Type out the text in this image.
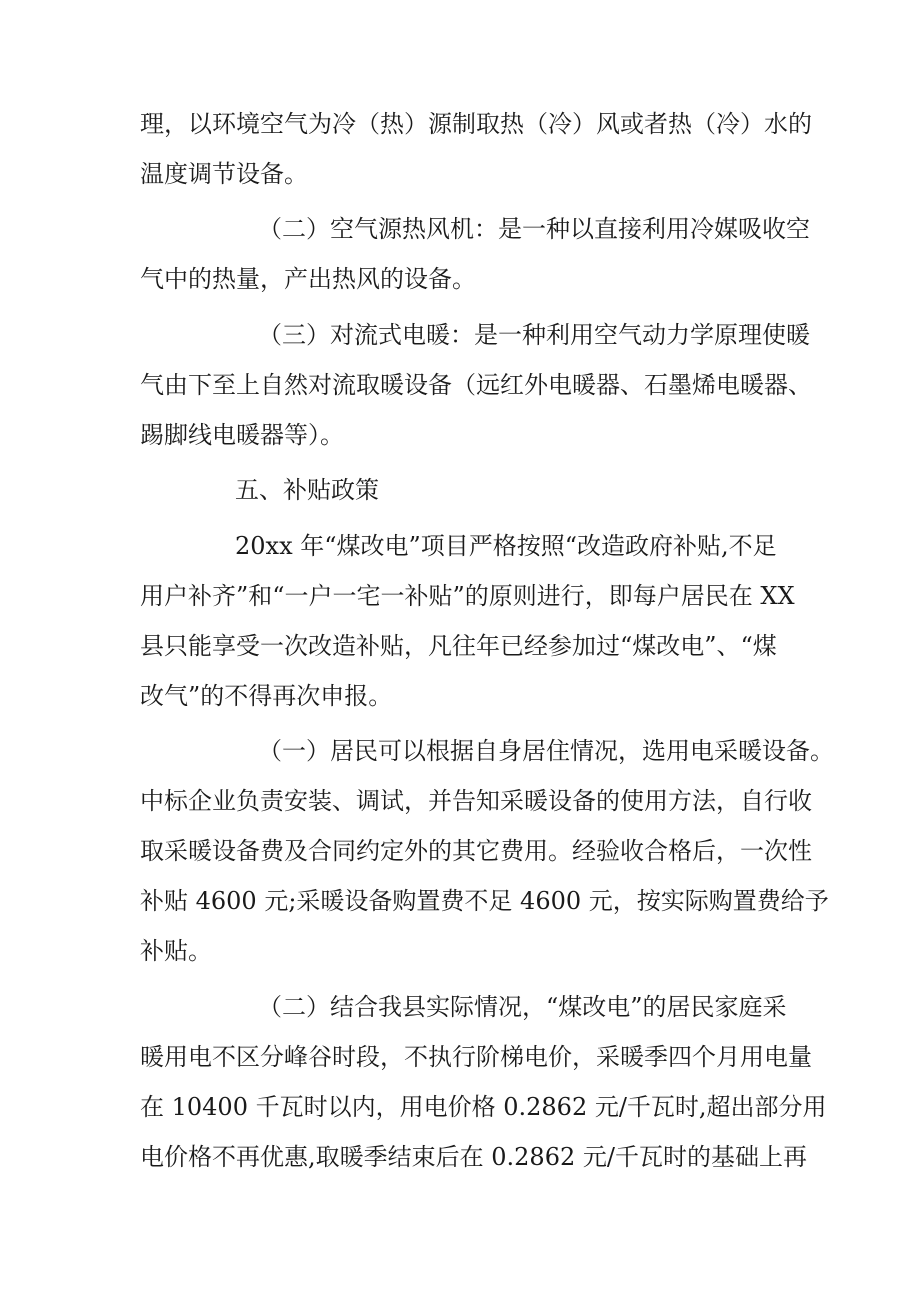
理，以环境空气为冷（热）源制取热（冷）风或者热（冷）水的
温度调节设备。
（二）空气源热风机：是一种以直接利用冷媒吸收空
气中的热量，产出热风的设备。
（三）对流式电暖：是一种利用空气动力学原理使暖
气由下至上自然对流取暖设备（远红外电暖器、石墨烯电暖器、
踢脚线电暖器等）。
五、补贴政策
20xx 年“煤改电”项目严格按照“改造政府补贴,不足
用户补齐”和“一户一宅一补贴”的原则进行，即每户居民在 XX
县只能享受一次改造补贴，凡往年已经参加过“煤改电”、“煤
改气”的不得再次申报。
（一）居民可以根据自身居住情况，选用电采暖设备。
中标企业负责安装、调试，并告知采暖设备的使用方法，自行收
取采暖设备费及合同约定外的其它费用。经验收合格后，一次性
补贴 4600 元;采暖设备购置费不足 4600 元，按实际购置费给予
补贴。
（二）结合我县实际情况，“煤改电”的居民家庭采
暖用电不区分峰谷时段，不执行阶梯电价，采暖季四个月用电量
在 10400 千瓦时以内，用电价格 0.2862 元/千瓦时,超出部分用
电价格不再优惠,取暖季结束后在 0.2862 元/千瓦时的基础上再
